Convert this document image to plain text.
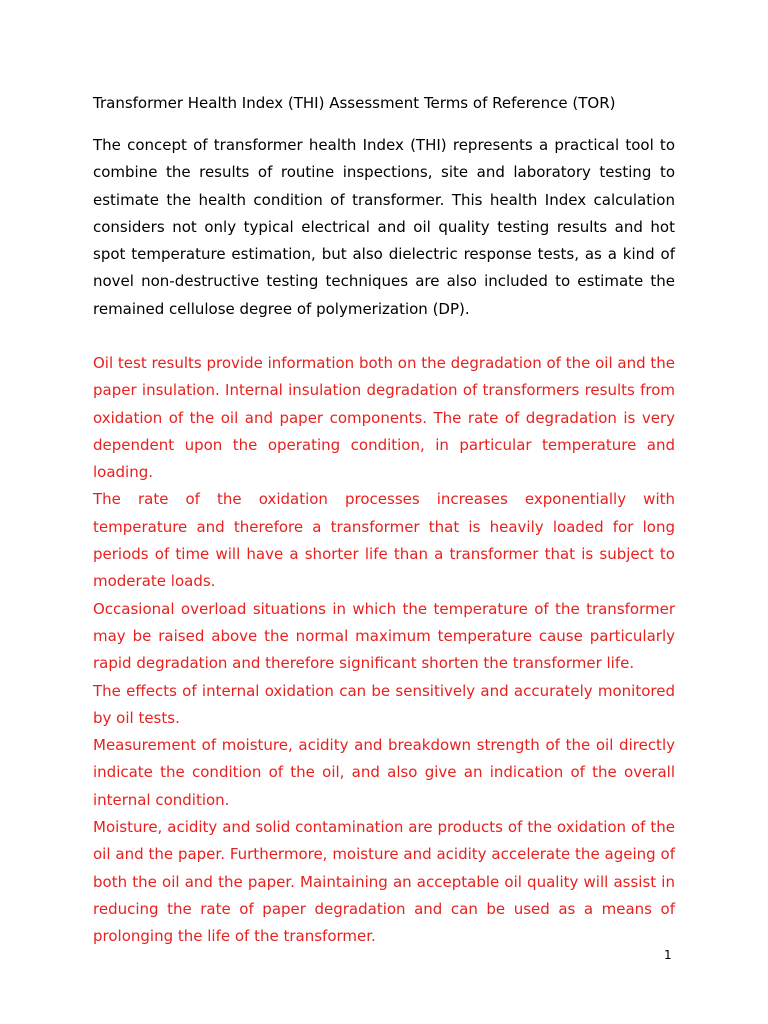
Transformer Health Index (THI) Assessment Terms of Reference (TOR)

The concept of transformer health Index (THI) represents a practical tool to combine the results of routine inspections, site and laboratory testing to estimate the health condition of transformer. This health Index calculation considers not only typical electrical and oil quality testing results and hot spot temperature estimation, but also dielectric response tests, as a kind of novel non-destructive testing techniques are also included to estimate the remained cellulose degree of polymerization (DP).

Oil test results provide information both on the degradation of the oil and the paper insulation. Internal insulation degradation of transformers results from oxidation of the oil and paper components. The rate of degradation is very dependent upon the operating condition, in particular temperature and loading.

The rate of the oxidation processes increases exponentially with temperature and therefore a transformer that is heavily loaded for long periods of time will have a shorter life than a transformer that is subject to moderate loads.

Occasional overload situations in which the temperature of the transformer may be raised above the normal maximum temperature cause particularly rapid degradation and therefore significant shorten the transformer life.

The effects of internal oxidation can be sensitively and accurately monitored by oil tests.

Measurement of moisture, acidity and breakdown strength of the oil directly indicate the condition of the oil, and also give an indication of the overall internal condition.

Moisture, acidity and solid contamination are products of the oxidation of the oil and the paper. Furthermore, moisture and acidity accelerate the ageing of both the oil and the paper. Maintaining an acceptable oil quality will assist in reducing the rate of paper degradation and can be used as a means of prolonging the life of the transformer.

1
